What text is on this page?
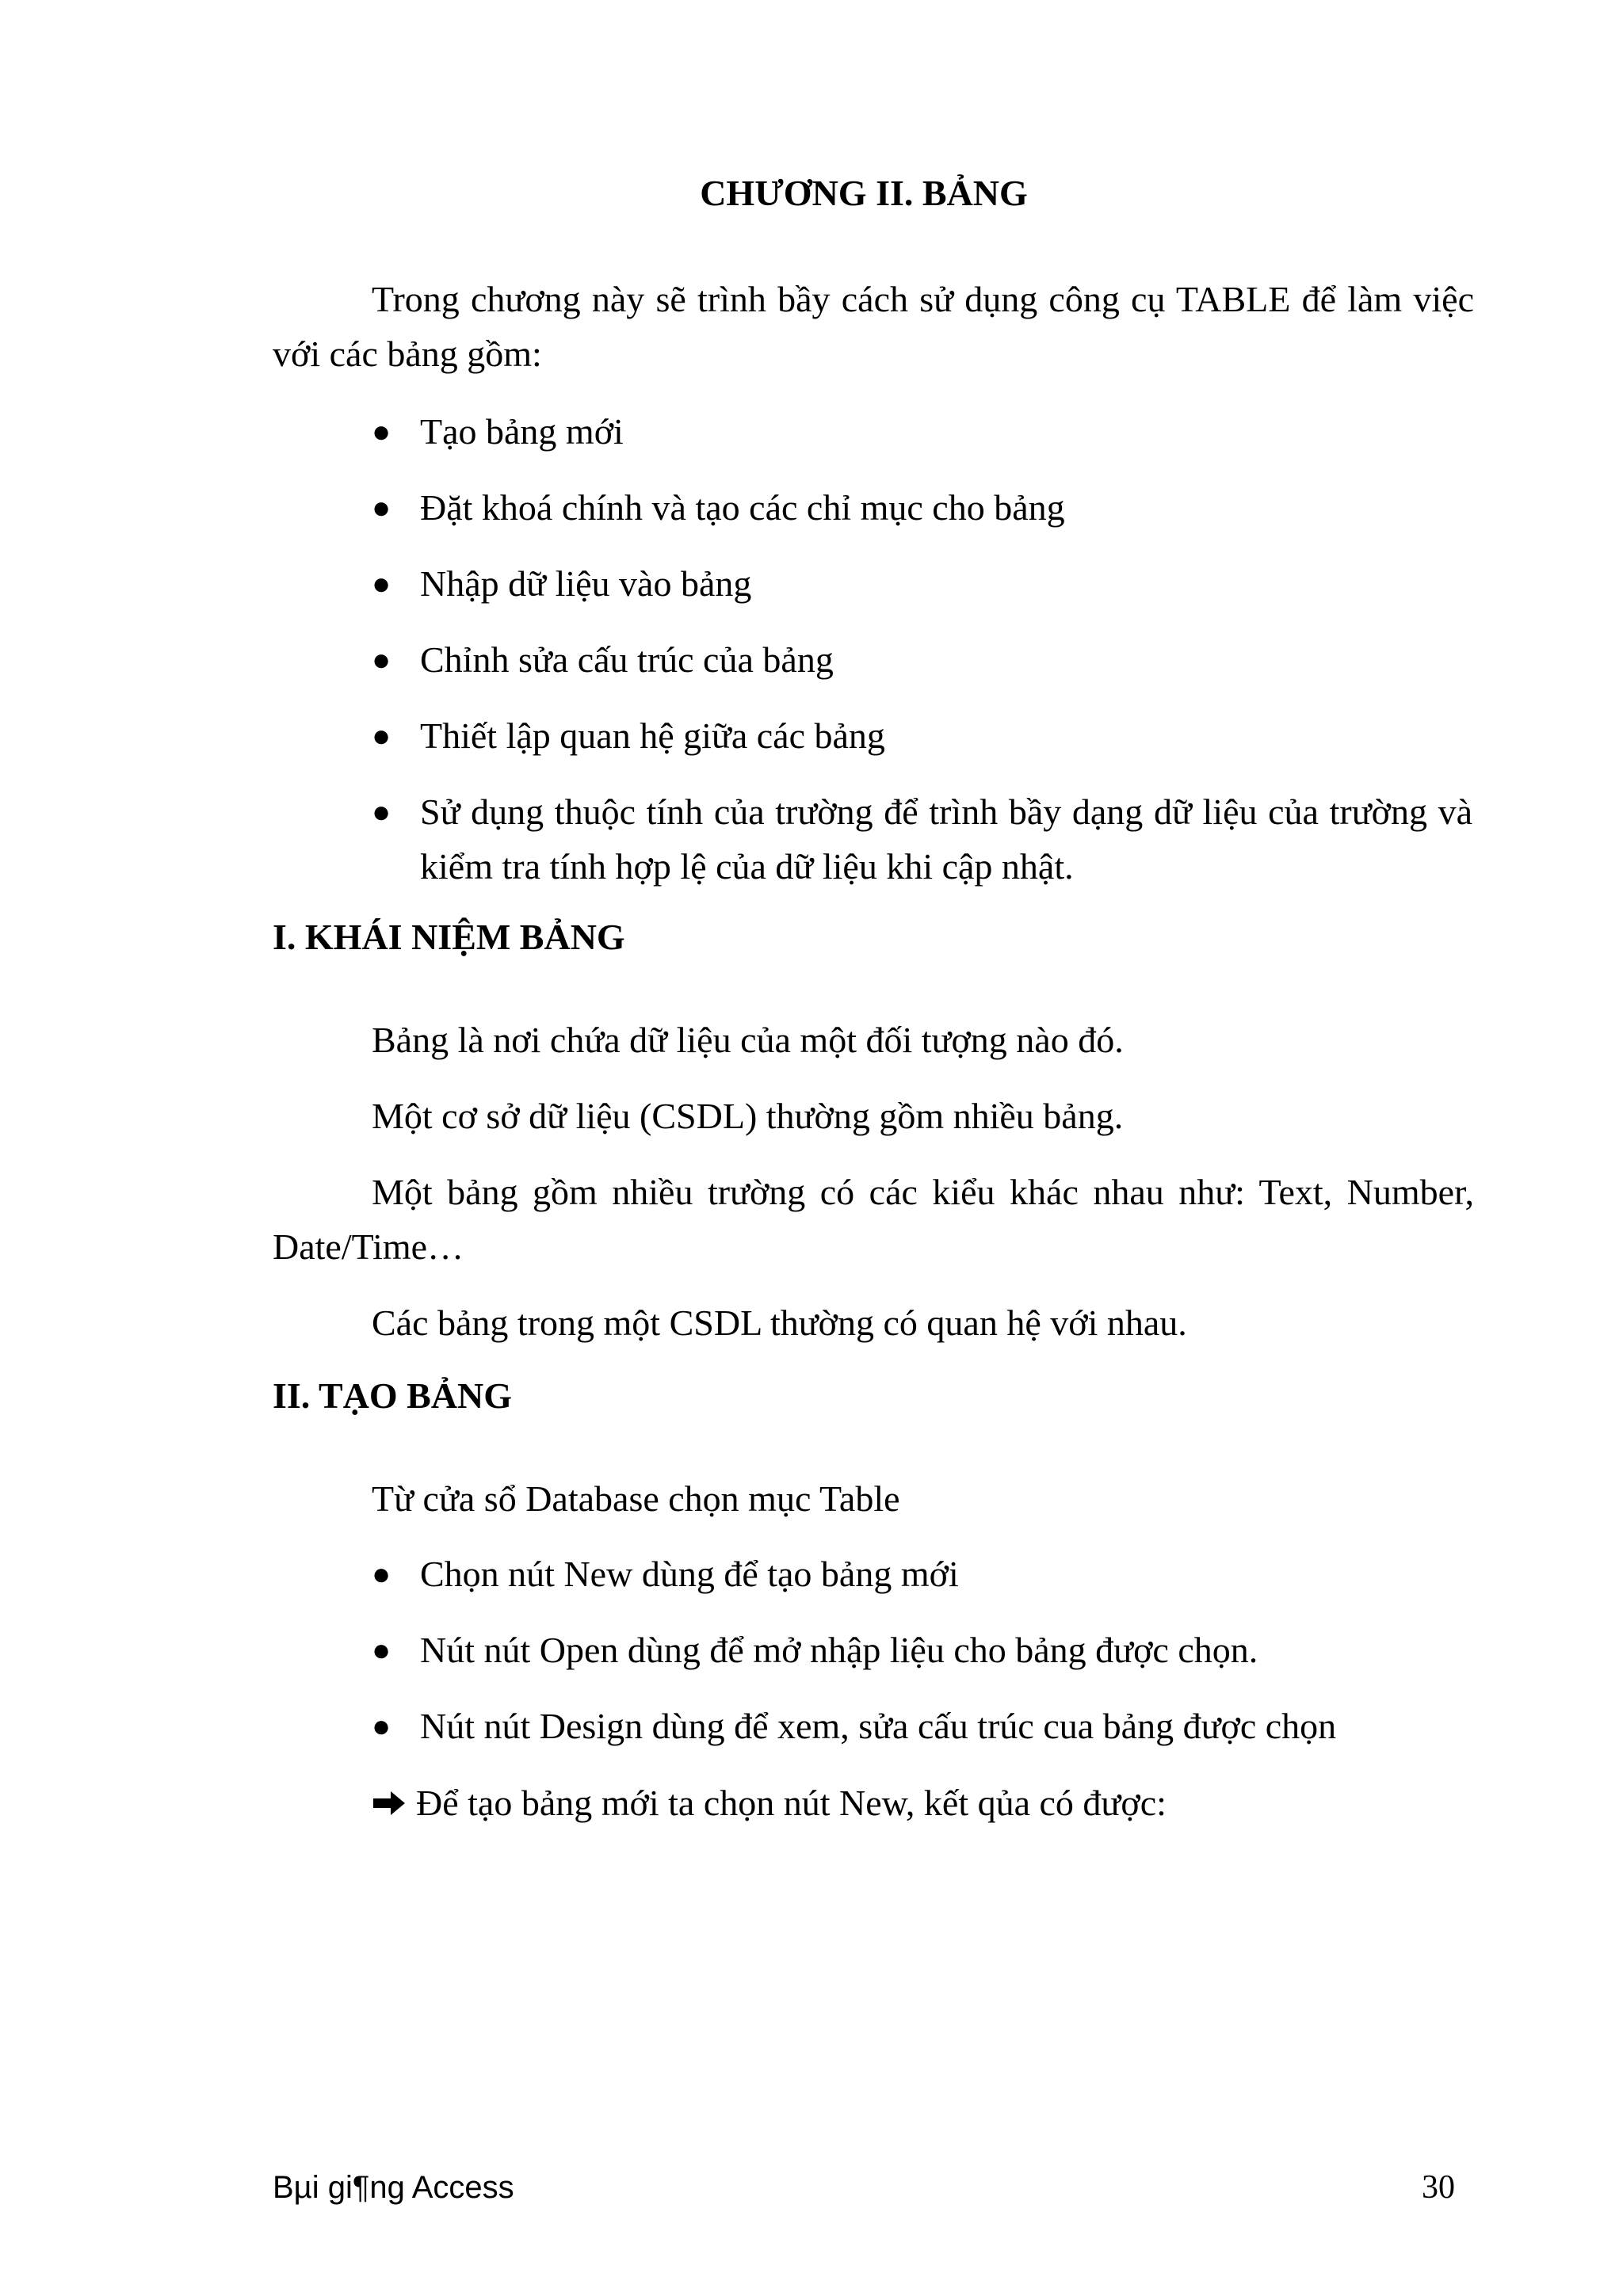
CHƯƠNG II. BẢNG

Trong chương này sẽ trình bầy cách sử dụng công cụ TABLE để làm việc với các bảng gồm:

● Tạo bảng mới
● Đặt khoá chính và tạo các chỉ mục cho bảng
● Nhập dữ liệu vào bảng
● Chỉnh sửa cấu trúc của bảng
● Thiết lập quan hệ giữa các bảng
● Sử dụng thuộc tính của trường để trình bầy dạng dữ liệu của trường và kiểm tra tính hợp lệ của dữ liệu khi cập nhật.
I. KHÁI NIỆM BẢNG

Bảng là nơi chứa dữ liệu của một đối tượng nào đó.

Một cơ sở dữ liệu (CSDL) thường gồm nhiều bảng.

Một bảng gồm nhiều trường có các kiểu khác nhau như: Text, Number, Date/Time…

Các bảng trong một CSDL thường có quan hệ với nhau.

II. TẠO BẢNG

Từ cửa sổ Database chọn mục Table

● Chọn nút New dùng để tạo bảng mới
● Nút nút Open dùng để mở nhập liệu cho bảng được chọn.
● Nút nút Design dùng để xem, sửa cấu trúc cua bảng được chọn
Để tạo bảng mới ta chọn nút New, kết qủa có được:
Bµi gi¶ng Access	30
